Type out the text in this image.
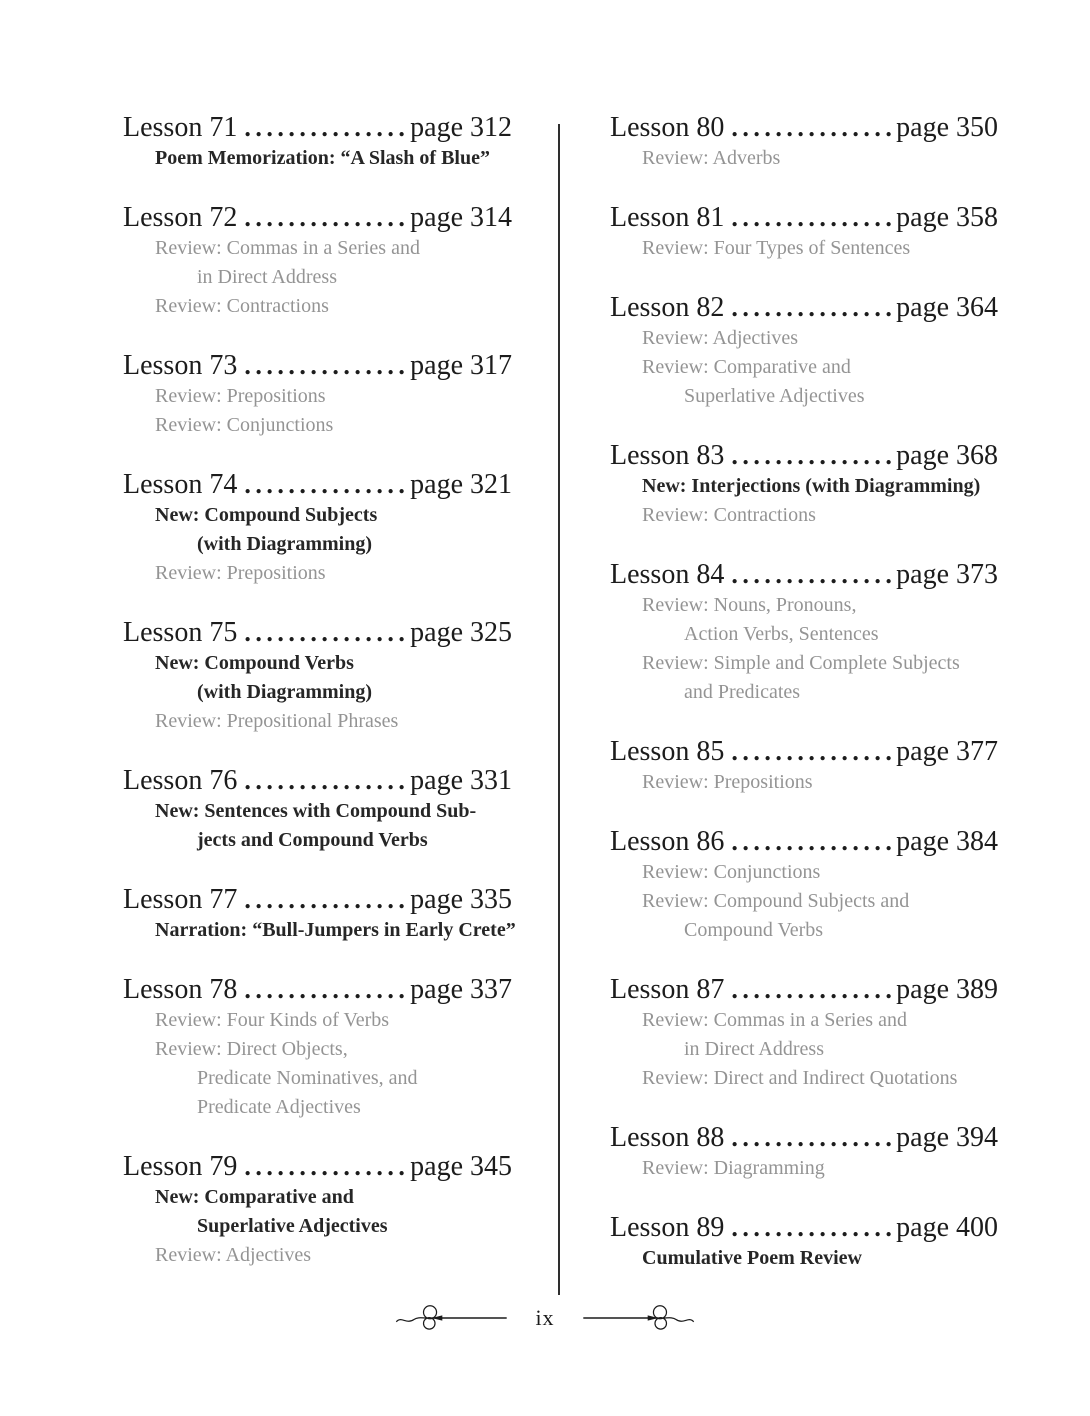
Lesson 71 .....	page 312
Poem Memorization: “A Slash of Blue”
Lesson 72 .....	page 314
Review: Commas in a Series and
in Direct Address
Review: Contractions
Lesson 73 .....	page 317
Review: Prepositions
Review: Conjunctions
Lesson 74 .....	page 321
New: Compound Subjects
(with Diagramming)
Review: Prepositions
Lesson 75 .....	page 325
New: Compound Verbs
(with Diagramming)
Review: Prepositional Phrases
Lesson 76 .....	page 331
New: Sentences with Compound Sub-
jects and Compound Verbs
Lesson 77 .....	page 335
Narration: “Bull-Jumpers in Early Crete”
Lesson 78 .....	page 337
Review: Four Kinds of Verbs
Review: Direct Objects,
Predicate Nominatives, and
Predicate Adjectives
Lesson 79 .....	page 345
New: Comparative and
Superlative Adjectives
Review: Adjectives
Lesson 80 .....	page 350
Review: Adverbs
Lesson 81 .....	page 358
Review: Four Types of Sentences
Lesson 82 .....	page 364
Review: Adjectives
Review: Comparative and
Superlative Adjectives
Lesson 83 .....	page 368
New: Interjections (with Diagramming)
Review: Contractions
Lesson 84 .....	page 373
Review: Nouns, Pronouns,
Action Verbs, Sentences
Review: Simple and Complete Subjects
and Predicates
Lesson 85 .....	page 377
Review: Prepositions
Lesson 86 .....	page 384
Review: Conjunctions
Review: Compound Subjects and
Compound Verbs
Lesson 87 .....	page 389
Review: Commas in a Series and
in Direct Address
Review: Direct and Indirect Quotations
Lesson 88 .....	page 394
Review: Diagramming
Lesson 89 .....	page 400
Cumulative Poem Review
ix
